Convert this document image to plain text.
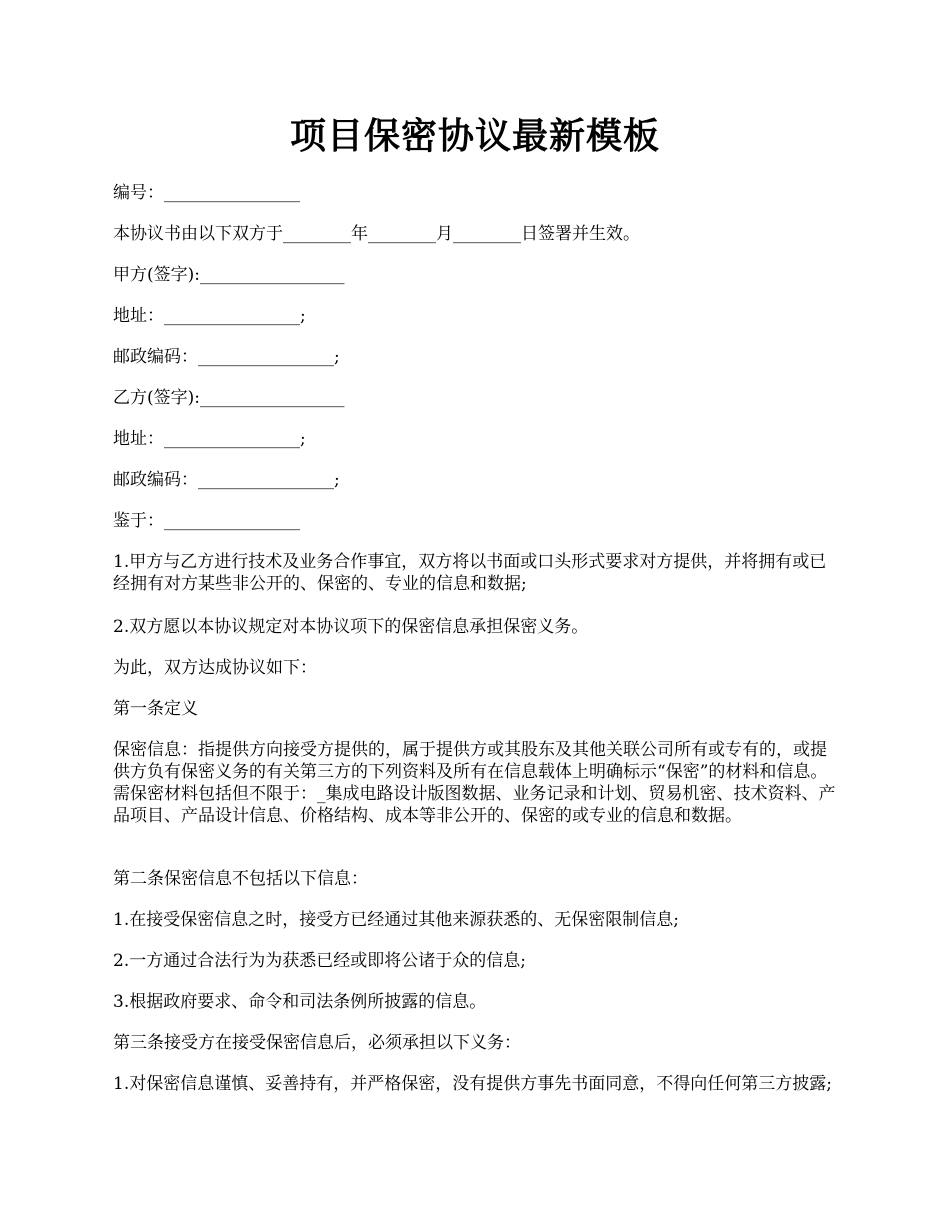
项目保密协议最新模板

编号：________________

本协议书由以下双方于________年________月________日签署并生效。

甲方(签字):_________________

地址：________________;

邮政编码：________________;

乙方(签字):_________________

地址：________________;

邮政编码：________________;

鉴于：________________

1.甲方与乙方进行技术及业务合作事宜，双方将以书面或口头形式要求对方提供，并将拥有或已经拥有对方某些非公开的、保密的、专业的信息和数据;

2.双方愿以本协议规定对本协议项下的保密信息承担保密义务。

为此，双方达成协议如下：

第一条定义

保密信息：指提供方向接受方提供的，属于提供方或其股东及其他关联公司所有或专有的，或提供方负有保密义务的有关第三方的下列资料及所有在信息载体上明确标示“保密”的材料和信息。需保密材料包括但不限于：_集成电路设计版图数据、业务记录和计划、贸易机密、技术资料、产品项目、产品设计信息、价格结构、成本等非公开的、保密的或专业的信息和数据。

第二条保密信息不包括以下信息：

1.在接受保密信息之时，接受方已经通过其他来源获悉的、无保密限制信息;

2.一方通过合法行为为获悉已经或即将公诸于众的信息;

3.根据政府要求、命令和司法条例所披露的信息。

第三条接受方在接受保密信息后，必须承担以下义务：

1.对保密信息谨慎、妥善持有，并严格保密，没有提供方事先书面同意，不得向任何第三方披露;
